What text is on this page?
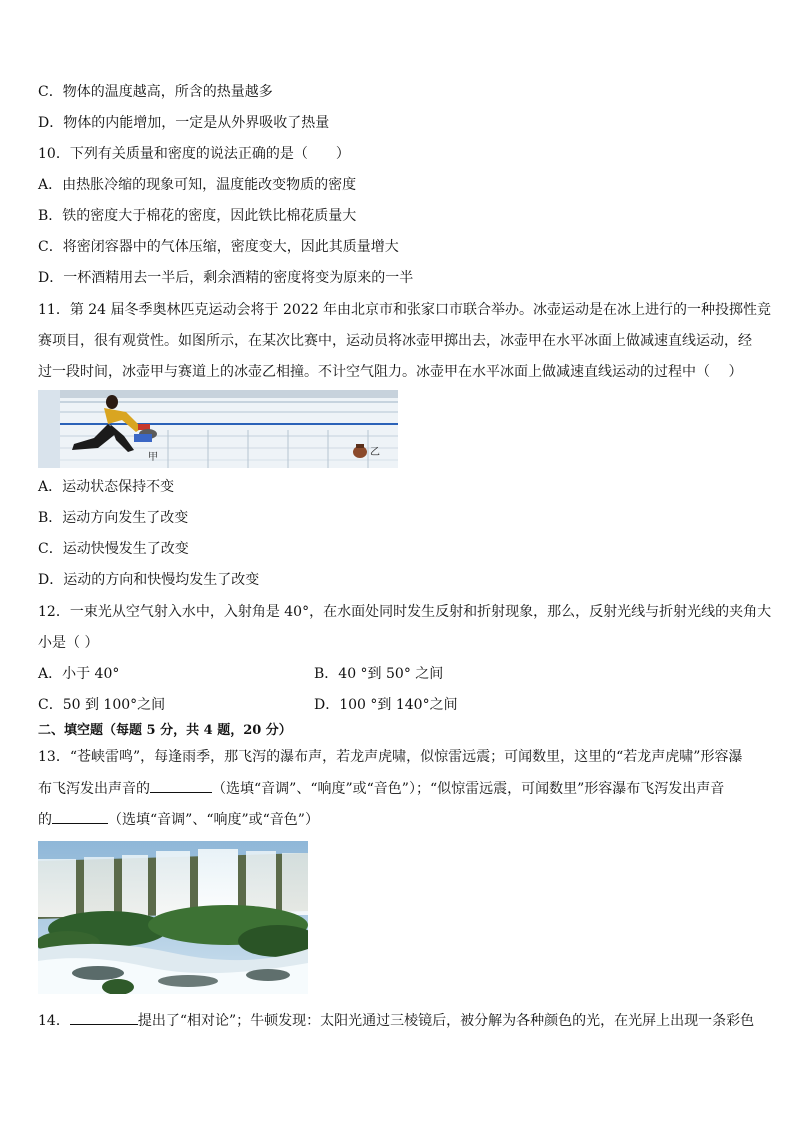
C．物体的温度越高，所含的热量越多
D．物体的内能增加，一定是从外界吸收了热量
10．下列有关质量和密度的说法正确的是（　　）
A．由热胀冷缩的现象可知，温度能改变物质的密度
B．铁的密度大于棉花的密度，因此铁比棉花质量大
C．将密闭容器中的气体压缩，密度变大，因此其质量增大
D．一杯酒精用去一半后，剩余酒精的密度将变为原来的一半
11．第 24 届冬季奥林匹克运动会将于 2022 年由北京市和张家口市联合举办。冰壶运动是在冰上进行的一种投掷性竞
赛项目，很有观赏性。如图所示，在某次比赛中，运动员将冰壶甲掷出去，冰壶甲在水平冰面上做减速直线运动，经
过一段时间，冰壶甲与赛道上的冰壶乙相撞。不计空气阻力。冰壶甲在水平冰面上做减速直线运动的过程中（　 ）
甲	乙
A．运动状态保持不变
B．运动方向发生了改变
C．运动快慢发生了改变
D．运动的方向和快慢均发生了改变
12．一束光从空气射入水中，入射角是 40°，在水面处同时发生反射和折射现象，那么，反射光线与折射光线的夹角大
小是（ ）
A．小于 40°	B．40 °到 50° 之间
C．50 到 100°之间	D．100 °到 140°之间
二、填空题（每题 5 分，共 4 题，20 分）
13．“苍峡雷鸣”，每逢雨季，那飞泻的瀑布声，若龙声虎啸，似惊雷远震；可闻数里，这里的“若龙声虎啸”形容瀑
布飞泻发出声音的	（选填“音调”、“响度”或“音色”）；“似惊雷远震，可闻数里”形容瀑布飞泻发出声音
的	（选填“音调”、“响度”或“音色”）
14．	提出了“相对论”；牛顿发现：太阳光通过三棱镜后，被分解为各种颜色的光，在光屏上出现一条彩色
